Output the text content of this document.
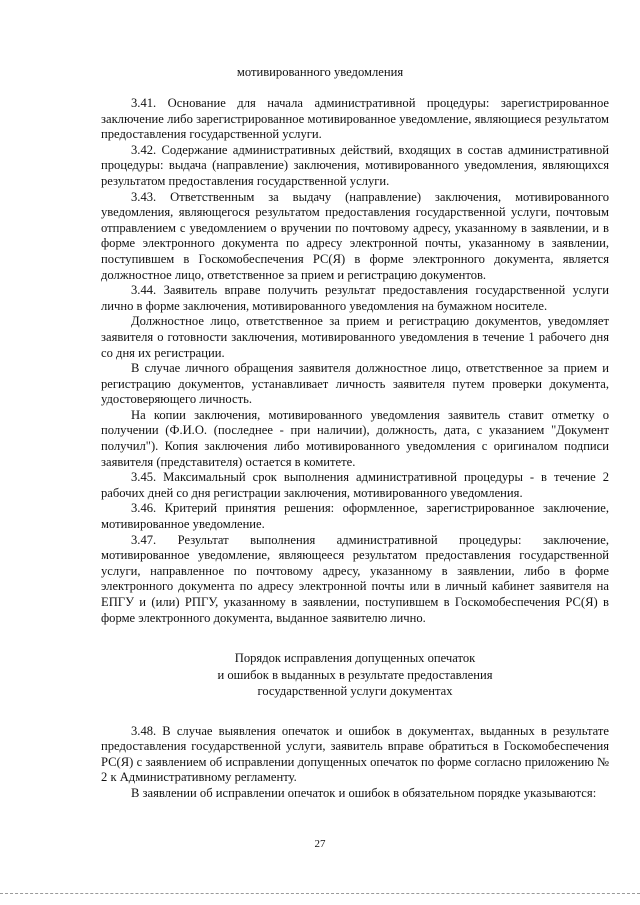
мотивированного уведомления

3.41. Основание для начала административной процедуры: зарегистрированное заключение либо зарегистрированное мотивированное уведомление, являющиеся результатом предоставления государственной услуги.

3.42. Содержание административных действий, входящих в состав административной процедуры: выдача (направление) заключения, мотивированного уведомления, являющихся результатом предоставления государственной услуги.

3.43. Ответственным за выдачу (направление) заключения, мотивированного уведомления, являющегося результатом предоставления государственной услуги, почтовым отправлением с уведомлением о вручении по почтовому адресу, указанному в заявлении, и в форме электронного документа по адресу электронной почты, указанному в заявлении, поступившем в Госкомобеспечения РС(Я) в форме электронного документа, является должностное лицо, ответственное за прием и регистрацию документов.

3.44. Заявитель вправе получить результат предоставления государственной услуги лично в форме заключения, мотивированного уведомления на бумажном носителе.

Должностное лицо, ответственное за прием и регистрацию документов, уведомляет заявителя о готовности заключения, мотивированного уведомления в течение 1 рабочего дня со дня их регистрации.

В случае личного обращения заявителя должностное лицо, ответственное за прием и регистрацию документов, устанавливает личность заявителя путем проверки документа, удостоверяющего личность.

На копии заключения, мотивированного уведомления заявитель ставит отметку о получении (Ф.И.О. (последнее - при наличии), должность, дата, с указанием "Документ получил"). Копия заключения либо мотивированного уведомления с оригиналом подписи заявителя (представителя) остается в комитете.

3.45. Максимальный срок выполнения административной процедуры - в течение 2 рабочих дней со дня регистрации заключения, мотивированного уведомления.

3.46. Критерий принятия решения: оформленное, зарегистрированное заключение, мотивированное уведомление.

3.47. Результат выполнения административной процедуры: заключение, мотивированное уведомление, являющееся результатом предоставления государственной услуги, направленное по почтовому адресу, указанному в заявлении, либо в форме электронного документа по адресу электронной почты или в личный кабинет заявителя на ЕПГУ и (или) РПГУ, указанному в заявлении, поступившем в Госкомобеспечения РС(Я) в форме электронного документа, выданное заявителю лично.

Порядок исправления допущенных опечаток
и ошибок в выданных в результате предоставления
государственной услуги документах

3.48. В случае выявления опечаток и ошибок в документах, выданных в результате предоставления государственной услуги, заявитель вправе обратиться в Госкомобеспечения РС(Я) с заявлением об исправлении допущенных опечаток по форме согласно приложению № 2 к Административному регламенту.

В заявлении об исправлении опечаток и ошибок в обязательном порядке указываются:

27
